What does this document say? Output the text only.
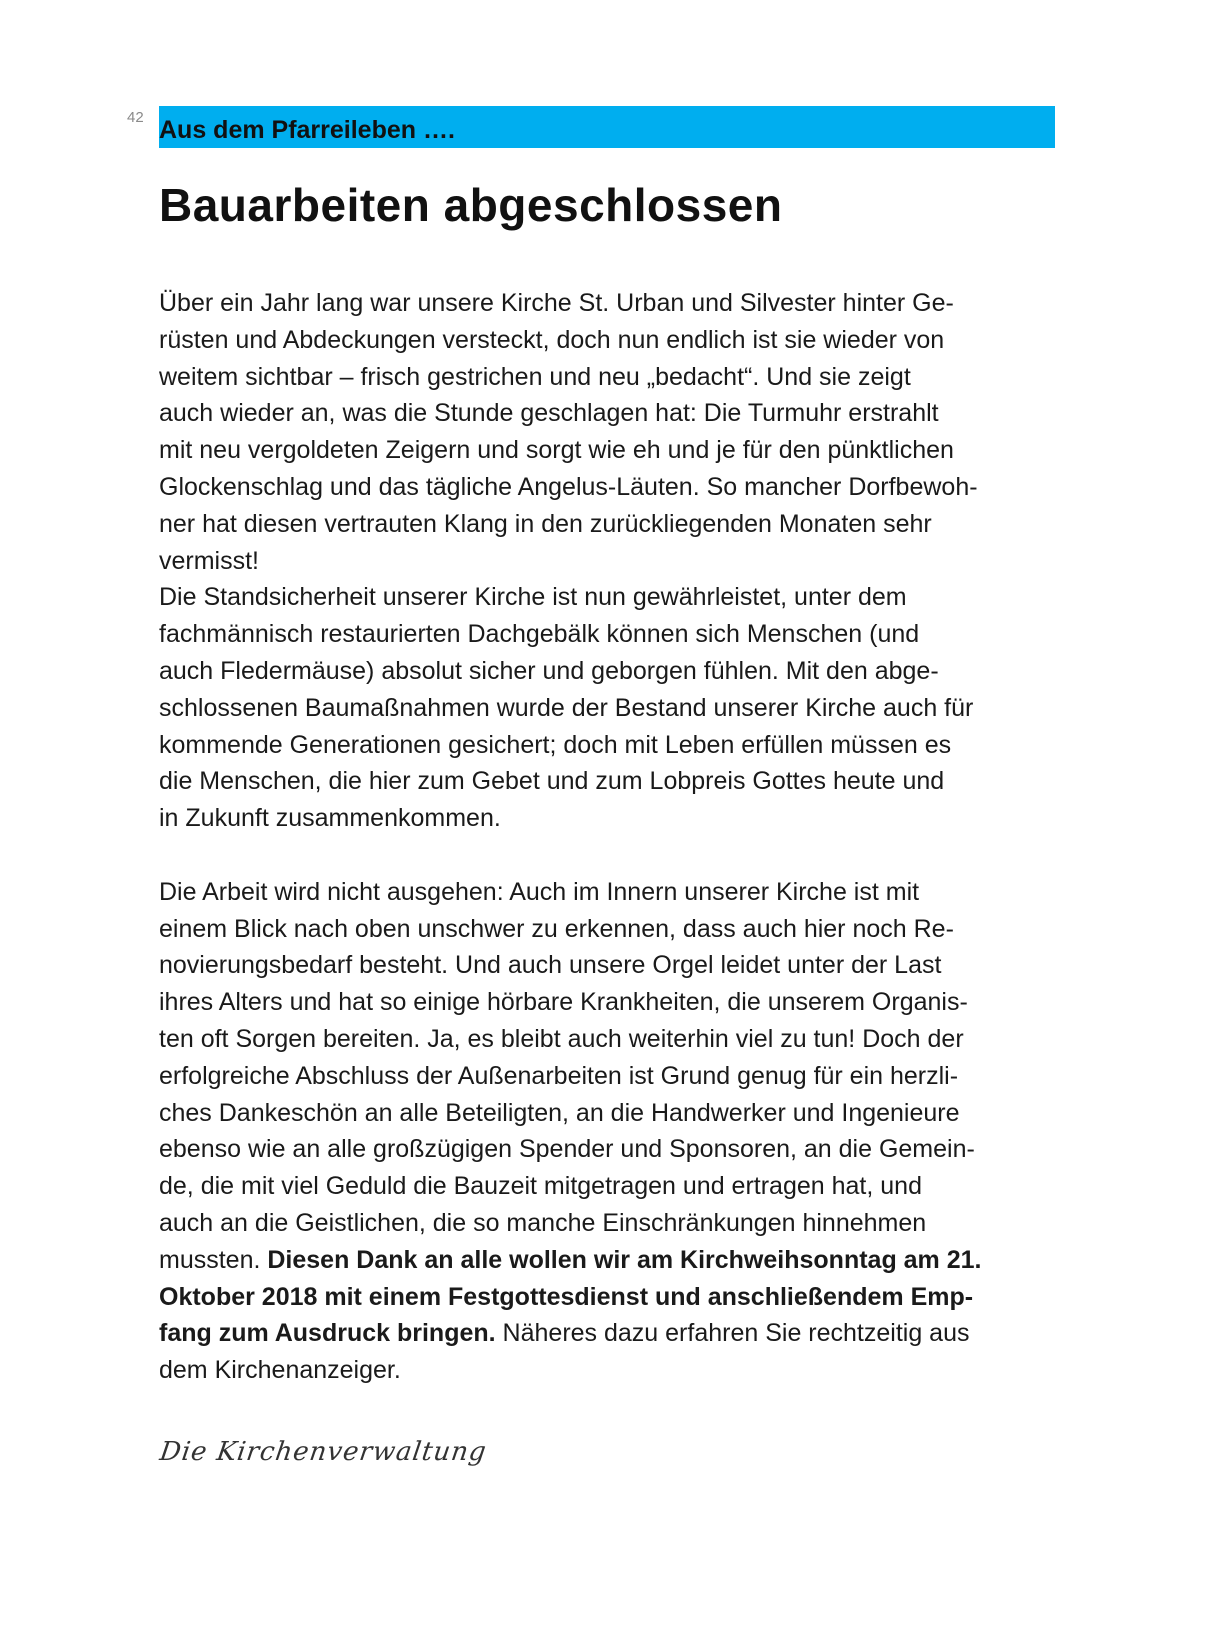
42 Aus dem Pfarreileben ….
Bauarbeiten abgeschlossen
Über ein Jahr lang war unsere Kirche St. Urban und Silvester hinter Ge-
rüsten und Abdeckungen versteckt, doch nun endlich ist sie wieder von
weitem sichtbar – frisch gestrichen und neu „bedacht“. Und sie zeigt
auch wieder an, was die Stunde geschlagen hat: Die Turmuhr erstrahlt
mit neu vergoldeten Zeigern und sorgt wie eh und je für den pünktlichen
Glockenschlag und das tägliche Angelus-Läuten. So mancher Dorfbewoh-
ner hat diesen vertrauten Klang in den zurückliegenden Monaten sehr
vermisst!
Die Standsicherheit unserer Kirche ist nun gewährleistet, unter dem
fachmännisch restaurierten Dachgebälk können sich Menschen (und
auch Fledermäuse) absolut sicher und geborgen fühlen. Mit den abge-
schlossenen Baumaßnahmen wurde der Bestand unserer Kirche auch für
kommende Generationen gesichert; doch mit Leben erfüllen müssen es
die Menschen, die hier zum Gebet und zum Lobpreis Gottes heute und
in Zukunft zusammenkommen.
Die Arbeit wird nicht ausgehen: Auch im Innern unserer Kirche ist mit
einem Blick nach oben unschwer zu erkennen, dass auch hier noch Re-
novierungsbedarf besteht. Und auch unsere Orgel leidet unter der Last
ihres Alters und hat so einige hörbare Krankheiten, die unserem Organis-
ten oft Sorgen bereiten. Ja, es bleibt auch weiterhin viel zu tun! Doch der
erfolgreiche Abschluss der Außenarbeiten ist Grund genug für ein herzli-
ches Dankeschön an alle Beteiligten, an die Handwerker und Ingenieure
ebenso wie an alle großzügigen Spender und Sponsoren, an die Gemein-
de, die mit viel Geduld die Bauzeit mitgetragen und ertragen hat, und
auch an die Geistlichen, die so manche Einschränkungen hinnehmen
mussten. Diesen Dank an alle wollen wir am Kirchweihsonntag am 21.
Oktober 2018 mit einem Festgottesdienst und anschließendem Emp-
fang zum Ausdruck bringen. Näheres dazu erfahren Sie rechtzeitig aus
dem Kirchenanzeiger.
Die Kirchenverwaltung
